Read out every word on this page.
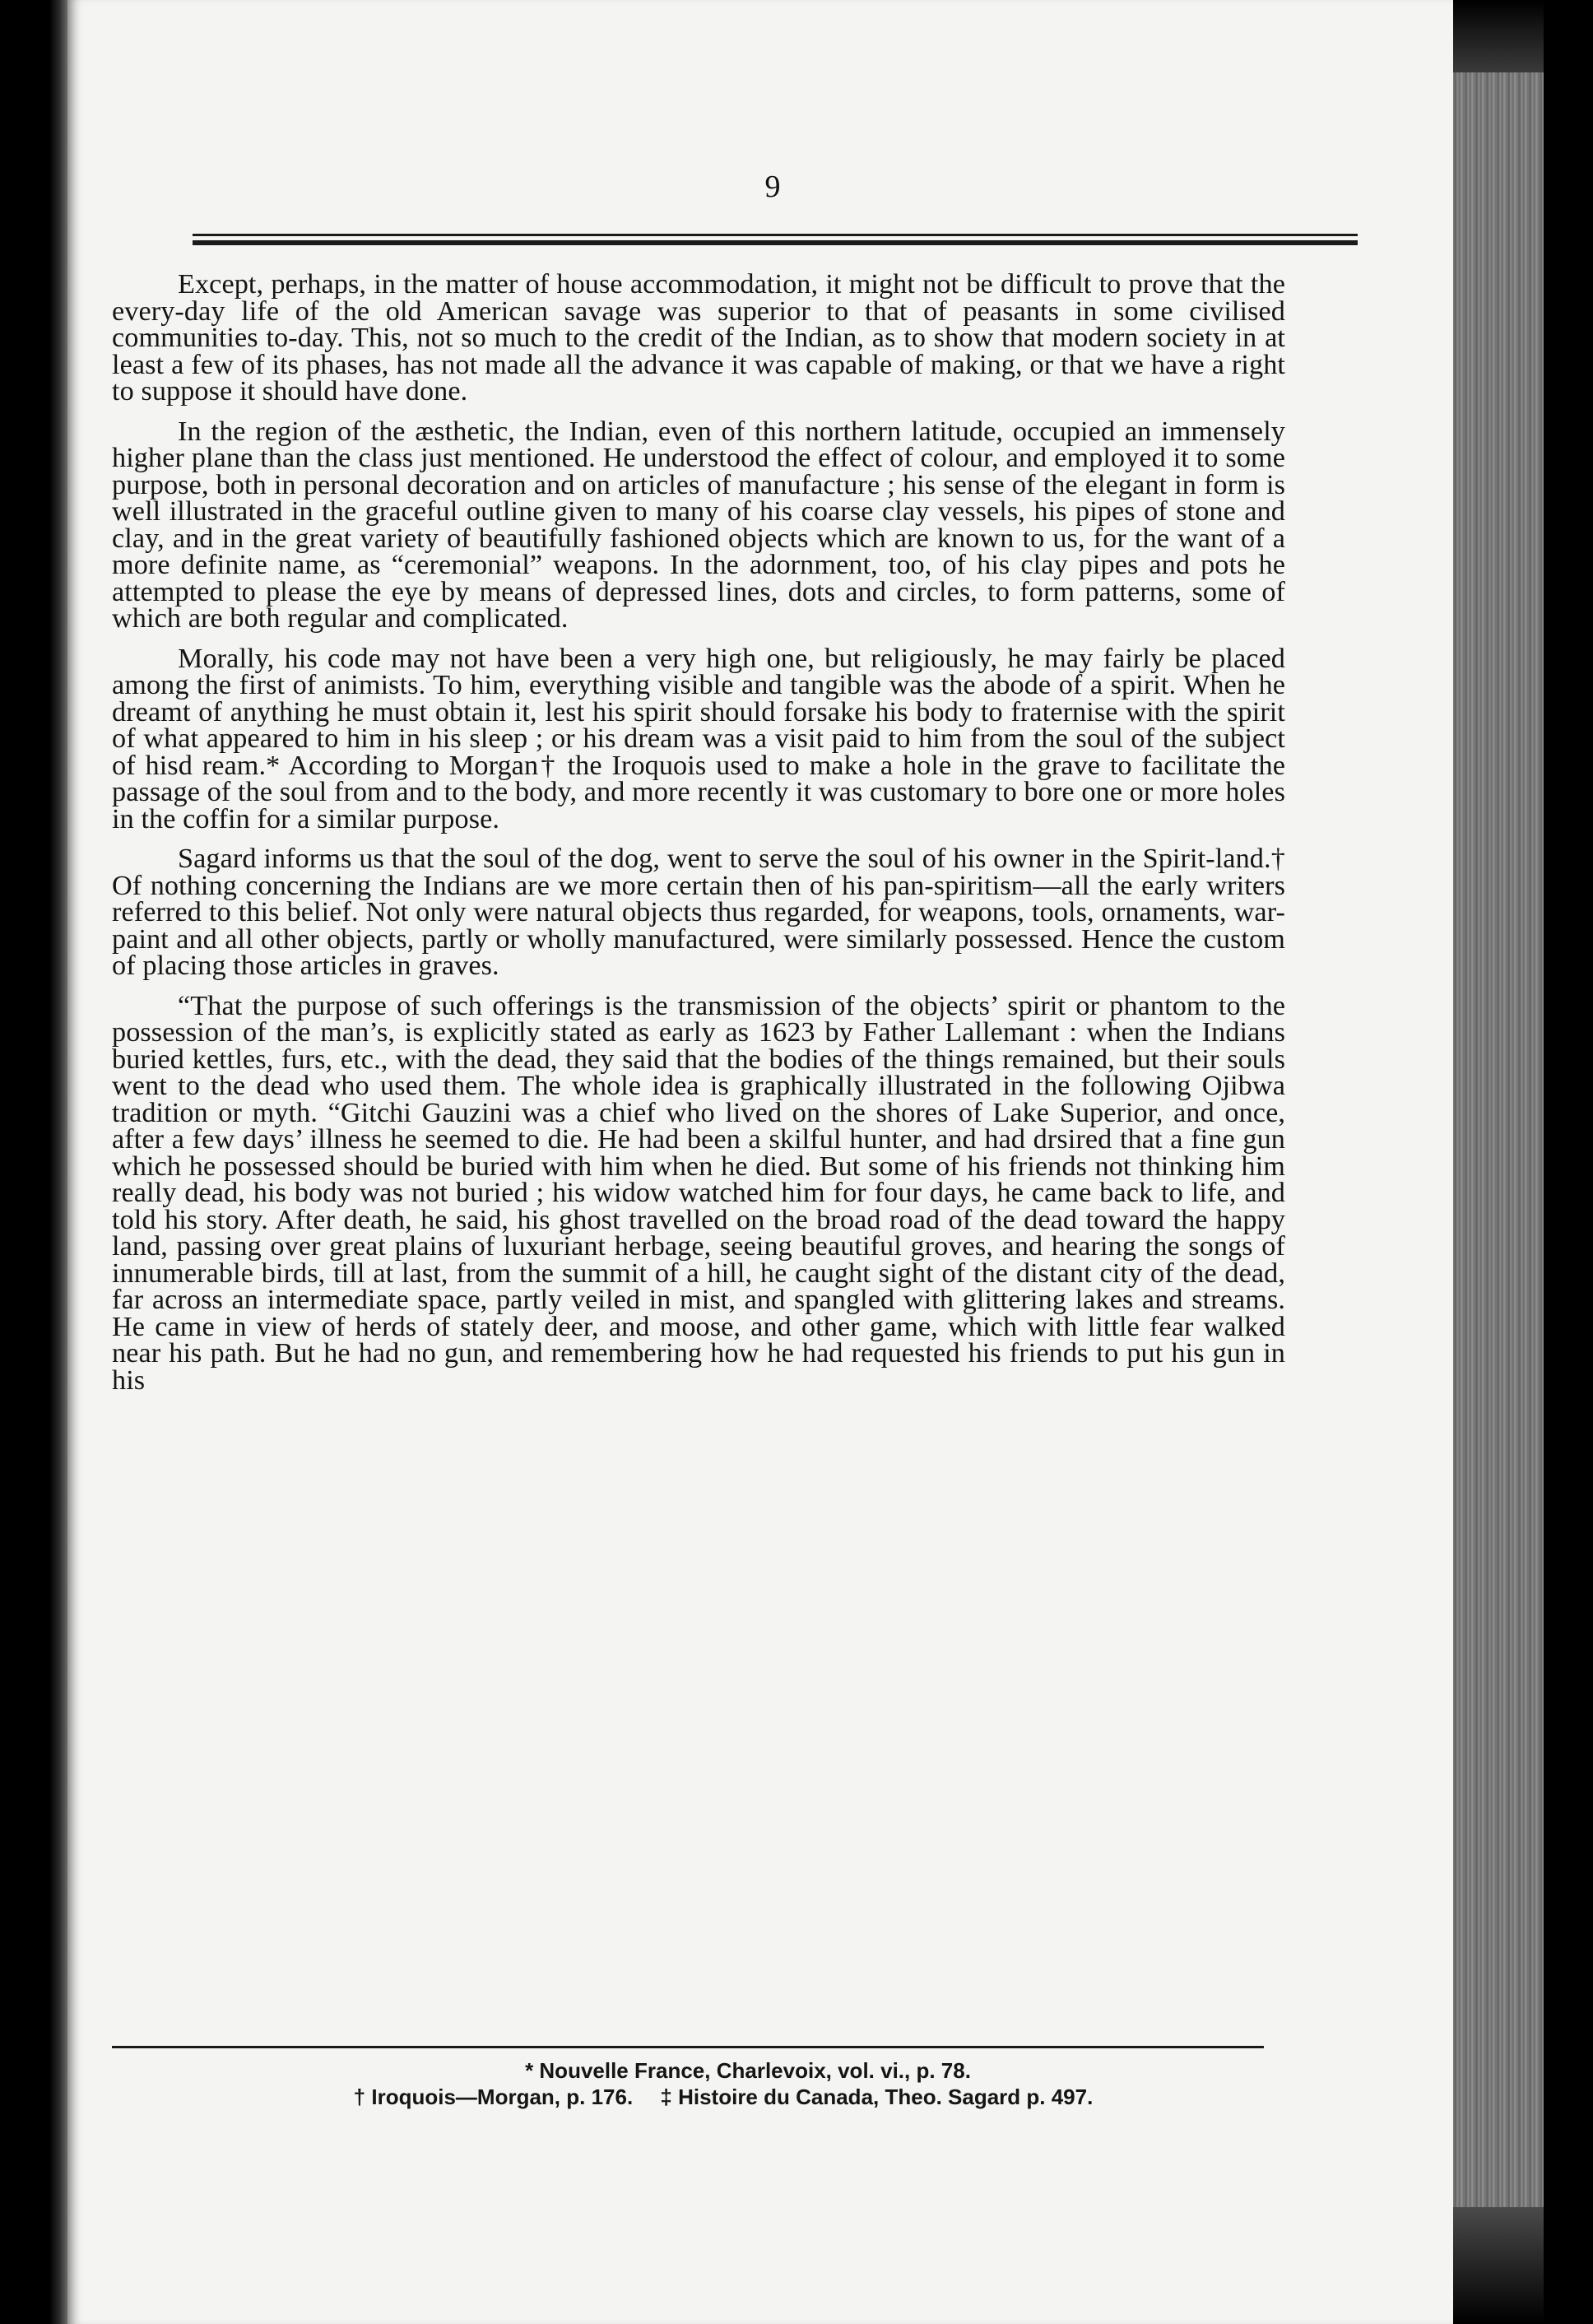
9

Except, perhaps, in the matter of house accommodation, it might not be difficult to prove that the every-day life of the old American savage was superior to that of peasants in some civilised communities to-day. This, not so much to the credit of the Indian, as to show that modern society in at least a few of its phases, has not made all the advance it was capable of making, or that we have a right to suppose it should have done.

In the region of the æsthetic, the Indian, even of this northern latitude, occupied an immensely higher plane than the class just mentioned. He understood the effect of colour, and employed it to some purpose, both in personal decoration and on articles of manufacture ; his sense of the elegant in form is well illustrated in the graceful outline given to many of his coarse clay vessels, his pipes of stone and clay, and in the great variety of beautifully fashioned objects which are known to us, for the want of a more definite name, as “ceremonial” weapons. In the adornment, too, of his clay pipes and pots he attempted to please the eye by means of depressed lines, dots and circles, to form patterns, some of which are both regular and complicated.

Morally, his code may not have been a very high one, but religiously, he may fairly be placed among the first of animists. To him, everything visible and tangible was the abode of a spirit. When he dreamt of anything he must obtain it, lest his spirit should forsake his body to fraternise with the spirit of what appeared to him in his sleep ; or his dream was a visit paid to him from the soul of the subject of hisd ream.* According to Morgan† the Iroquois used to make a hole in the grave to facilitate the passage of the soul from and to the body, and more recently it was customary to bore one or more holes in the coffin for a similar purpose.

Sagard informs us that the soul of the dog, went to serve the soul of his owner in the Spirit-land.† Of nothing concerning the Indians are we more certain then of his pan-spiritism—all the early writers referred to this belief. Not only were natural objects thus regarded, for weapons, tools, ornaments, war-paint and all other objects, partly or wholly manufactured, were similarly possessed. Hence the custom of placing those articles in graves.

“That the purpose of such offerings is the transmission of the objects’ spirit or phantom to the possession of the man’s, is explicitly stated as early as 1623 by Father Lallemant : when the Indians buried kettles, furs, etc., with the dead, they said that the bodies of the things remained, but their souls went to the dead who used them. The whole idea is graphically illustrated in the following Ojibwa tradition or myth. “Gitchi Gauzini was a chief who lived on the shores of Lake Superior, and once, after a few days’ illness he seemed to die. He had been a skilful hunter, and had drsired that a fine gun which he possessed should be buried with him when he died. But some of his friends not thinking him really dead, his body was not buried ; his widow watched him for four days, he came back to life, and told his story. After death, he said, his ghost travelled on the broad road of the dead toward the happy land, passing over great plains of luxuriant herbage, seeing beautiful groves, and hearing the songs of innumerable birds, till at last, from the summit of a hill, he caught sight of the distant city of the dead, far across an intermediate space, partly veiled in mist, and spangled with glittering lakes and streams. He came in view of herds of stately deer, and moose, and other game, which with little fear walked near his path. But he had no gun, and remembering how he had requested his friends to put his gun in his

* Nouvelle France, Charlevoix, vol. vi., p. 78.
† Iroquois—Morgan, p. 176. ‡ Histoire du Canada, Theo. Sagard p. 497.
